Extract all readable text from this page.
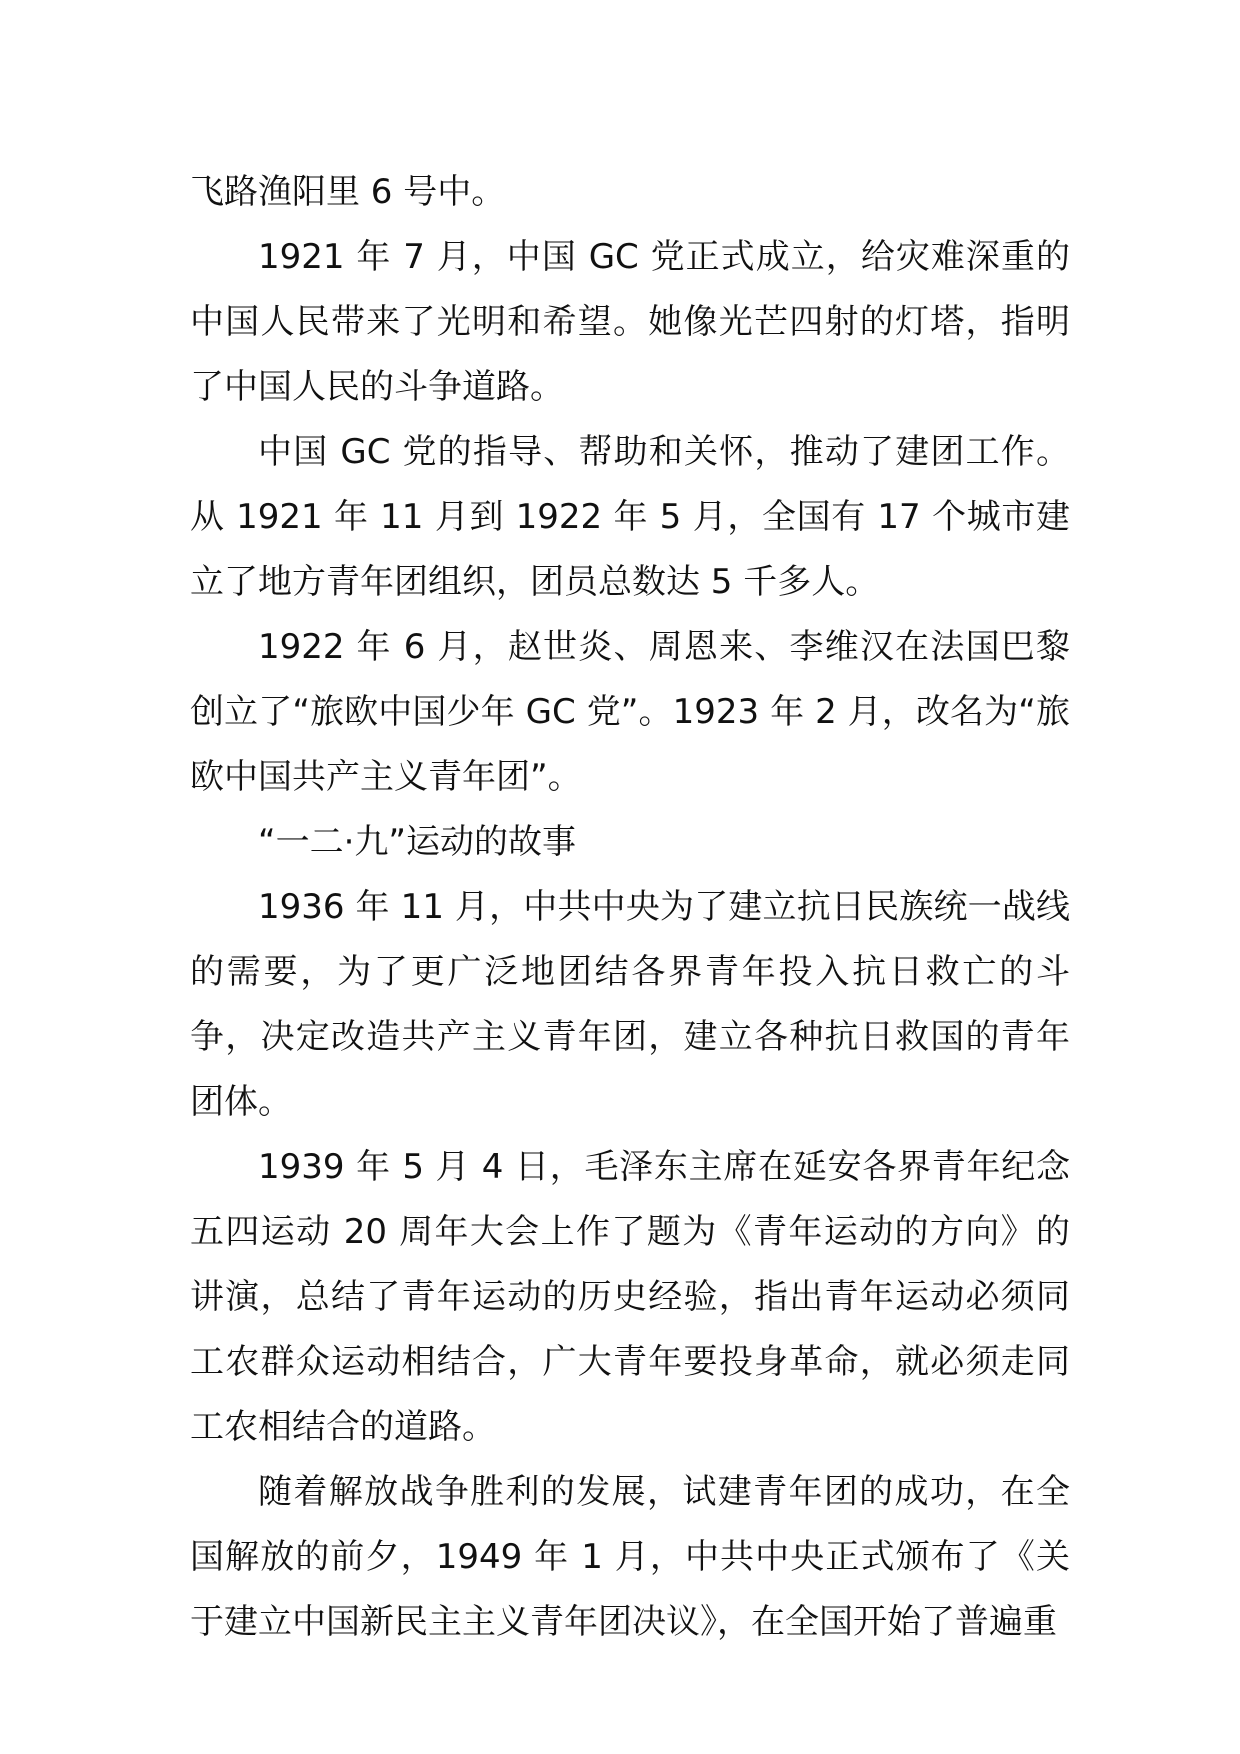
飞路渔阳里 6 号中。

1921 年 7 月，中国 GC 党正式成立，给灾难深重的中国人民带来了光明和希望。她像光芒四射的灯塔，指明了中国人民的斗争道路。

中国 GC 党的指导、帮助和关怀，推动了建团工作。从 1921 年 11 月到 1922 年 5 月，全国有 17 个城市建立了地方青年团组织，团员总数达 5 千多人。

1922 年 6 月，赵世炎、周恩来、李维汉在法国巴黎创立了“旅欧中国少年 GC 党”。1923 年 2 月，改名为“旅欧中国共产主义青年团”。

“一二·九”运动的故事

1936 年 11 月，中共中央为了建立抗日民族统一战线的需要，为了更广泛地团结各界青年投入抗日救亡的斗争，决定改造共产主义青年团，建立各种抗日救国的青年团体。

1939 年 5 月 4 日，毛泽东主席在延安各界青年纪念五四运动 20 周年大会上作了题为《青年运动的方向》的讲演，总结了青年运动的历史经验，指出青年运动必须同工农群众运动相结合，广大青年要投身革命，就必须走同工农相结合的道路。

随着解放战争胜利的发展，试建青年团的成功，在全国解放的前夕，1949 年 1 月，中共中央正式颁布了《关于建立中国新民主主义青年团决议》，在全国开始了普遍重
